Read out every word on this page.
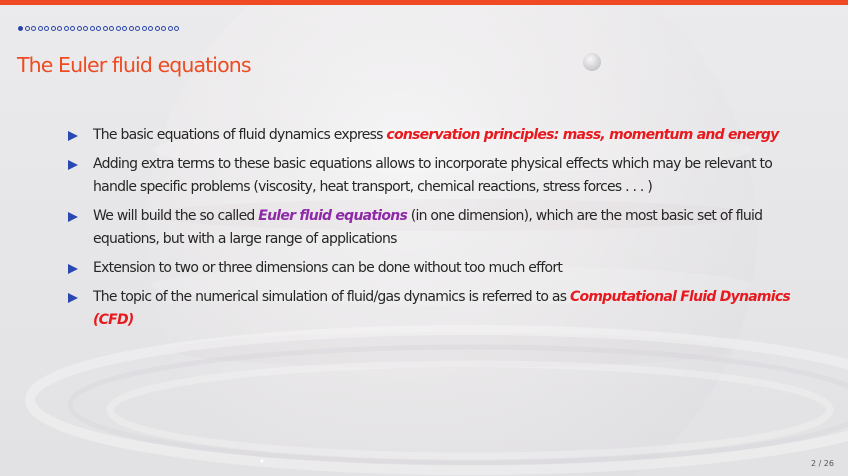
The Euler fluid equations
The basic equations of fluid dynamics express conservation principles: mass, momentum and energy
Adding extra terms to these basic equations allows to incorporate physical effects which may be relevant to handle specific problems (viscosity, heat transport, chemical reactions, stress forces . . . )
We will build the so called Euler fluid equations (in one dimension), which are the most basic set of fluid equations, but with a large range of applications
Extension to two or three dimensions can be done without too much effort
The topic of the numerical simulation of fluid/gas dynamics is referred to as Computational Fluid Dynamics (CFD)
2 / 26
